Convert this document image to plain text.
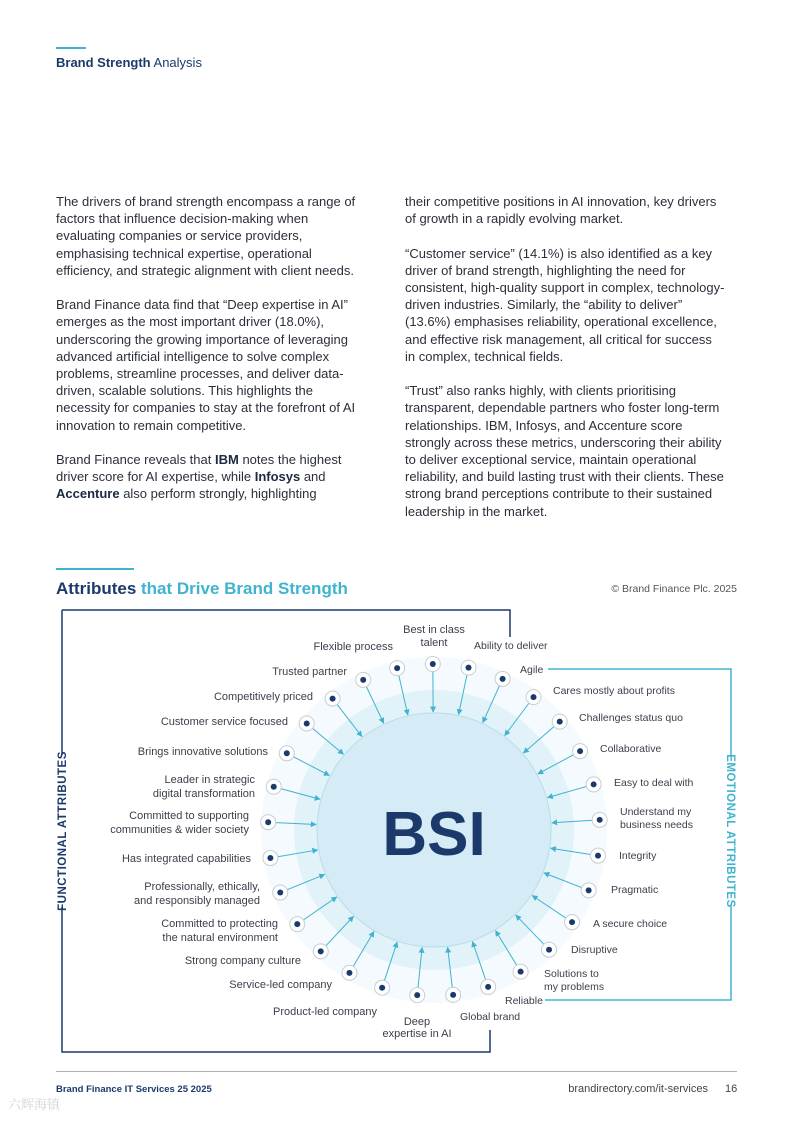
Brand Strength Analysis

The drivers of brand strength encompass a range of factors that influence decision-making when evaluating companies or service providers, emphasising technical expertise, operational efficiency, and strategic alignment with client needs.

Brand Finance data find that “Deep expertise in AI” emerges as the most important driver (18.0%), underscoring the growing importance of leveraging advanced artificial intelligence to solve complex problems, streamline processes, and deliver data-driven, scalable solutions. This highlights the necessity for companies to stay at the forefront of AI innovation to remain competitive.

Brand Finance reveals that IBM notes the highest driver score for AI expertise, while Infosys and Accenture also perform strongly, highlighting

their competitive positions in AI innovation, key drivers of growth in a rapidly evolving market.

“Customer service” (14.1%) is also identified as a key driver of brand strength, highlighting the need for consistent, high-quality support in complex, technology-driven industries. Similarly, the “ability to deliver” (13.6%) emphasises reliability, operational excellence, and effective risk management, all critical for success in complex, technical fields.

“Trust” also ranks highly, with clients prioritising transparent, dependable partners who foster long-term relationships. IBM, Infosys, and Accenture score strongly across these metrics, underscoring their ability to deliver exceptional service, maintain operational reliability, and build lasting trust with their clients. These strong brand perceptions contribute to their sustained leadership in the market.

Attributes that Drive Brand Strength	© Brand Finance Plc. 2025
BSI
FUNCTIONAL ATTRIBUTES	EMOTIONAL ATTRIBUTES
Best in class talent
Flexible process
Trusted partner
Competitively priced
Customer service focused
Brings innovative solutions
Leader in strategic digital transformation
Committed to supporting communities & wider society
Has integrated capabilities
Professionally, ethically, and responsibly managed
Committed to protecting the natural environment
Strong company culture
Service-led company
Product-led company
Deep expertise in AI
Ability to deliver
Agile
Cares mostly about profits
Challenges status quo
Collaborative
Easy to deal with
Understand my business needs
Integrity
Pragmatic
A secure choice
Disruptive
Solutions to my problems
Reliable
Global brand
Brand Finance IT Services 25 2025	brandirectory.com/it-services 16
六辉海镇
